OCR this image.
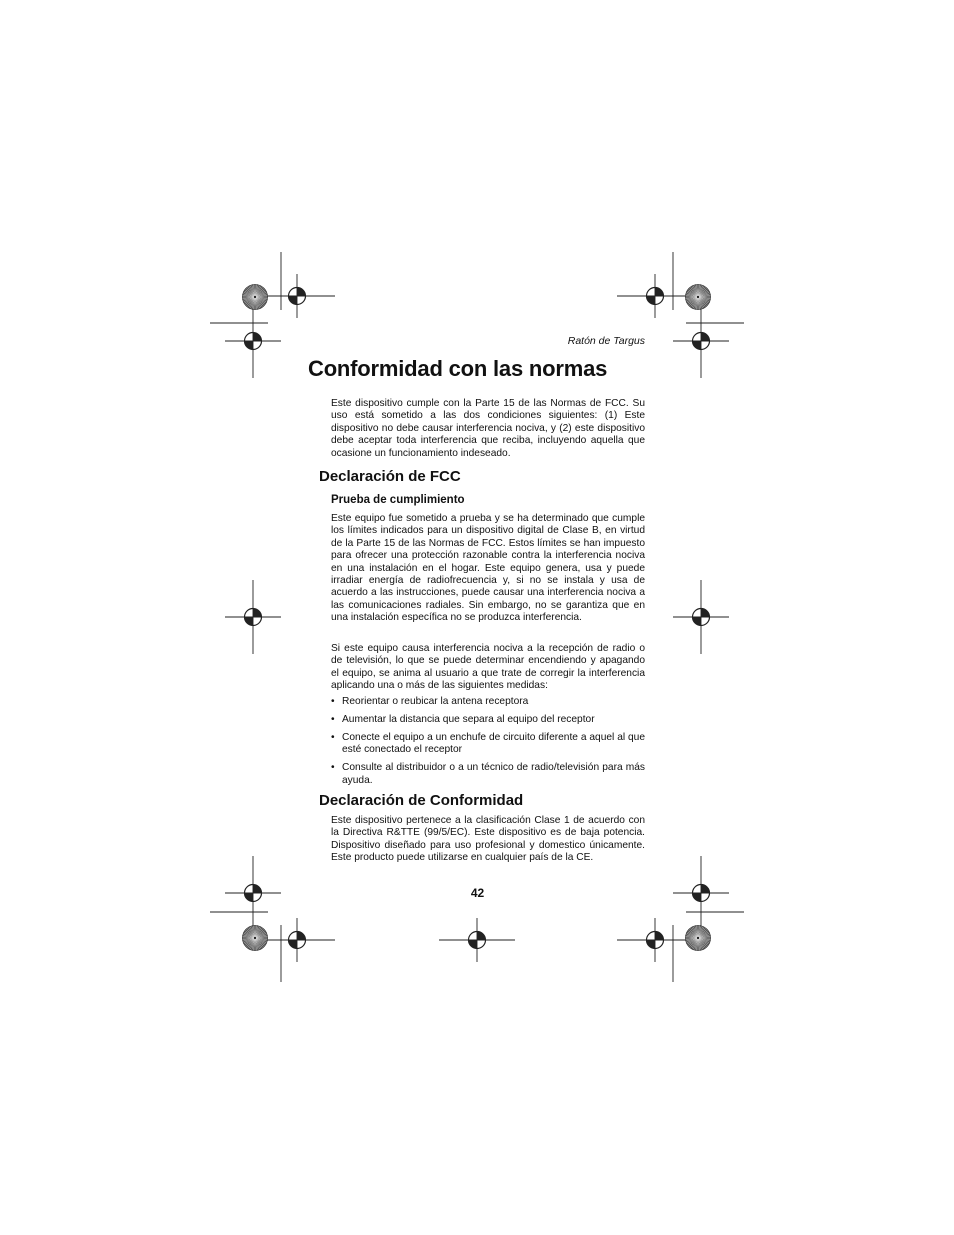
Ratón de Targus
Conformidad con las normas

Este dispositivo cumple con la Parte 15 de las Normas de FCC. Su uso está sometido a las dos condiciones siguientes: (1) Este dispositivo no debe causar interferencia nociva, y (2) este dispositivo debe aceptar toda interferencia que reciba, incluyendo aquella que ocasione un funcionamiento indeseado.

Declaración de FCC
Prueba de cumplimiento

Este equipo fue sometido a prueba y se ha determinado que cumple los límites indicados para un dispositivo digital de Clase B, en virtud de la Parte 15 de las Normas de FCC. Estos límites se han impuesto para ofrecer una protección razonable contra la interferencia nociva en una instalación en el hogar. Este equipo genera, usa y puede irradiar energía de radiofrecuencia y, si no se instala y usa de acuerdo a las instrucciones, puede causar una interferencia nociva a las comunicaciones radiales. Sin embargo, no se garantiza que en una instalación específica no se produzca interferencia.

Si este equipo causa interferencia nociva a la recepción de radio o de televisión, lo que se puede determinar encendiendo y apagando el equipo, se anima al usuario a que trate de corregir la interferencia aplicando una o más de las siguientes medidas:

• Reorientar o reubicar la antena receptora
• Aumentar la distancia que separa al equipo del receptor
• Conecte el equipo a un enchufe de circuito diferente a aquel al que esté conectado el receptor
• Consulte al distribuidor o a un técnico de radio/televisión para más ayuda.
Declaración de Conformidad

Este dispositivo pertenece a la clasificación Clase 1 de acuerdo con la Directiva R&TTE (99/5/EC). Este dispositivo es de baja potencia. Dispositivo diseñado para uso profesional y domestico únicamente. Este producto puede utilizarse en cualquier país de la CE.

42
